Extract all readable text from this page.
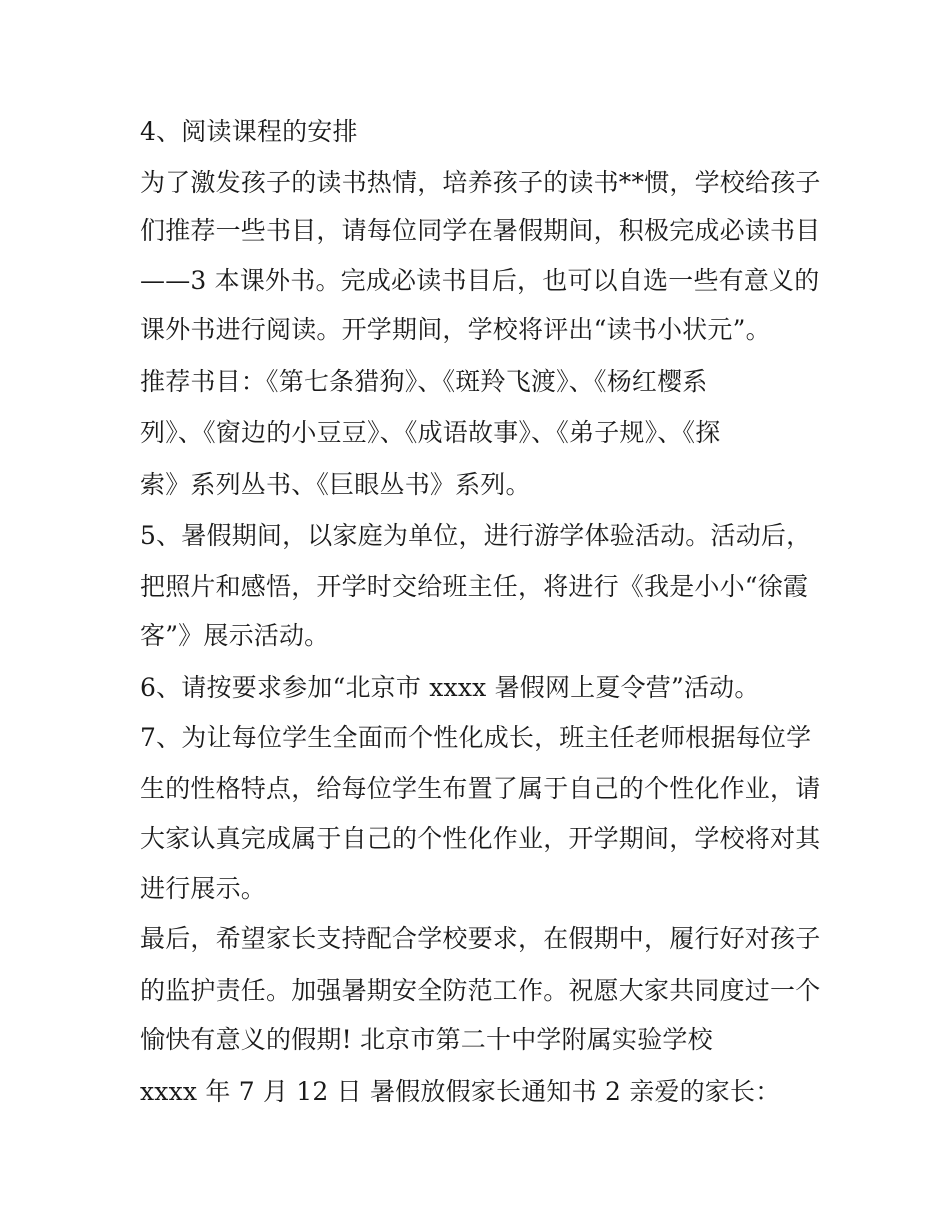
4、阅读课程的安排
为了激发孩子的读书热情，培养孩子的读书**惯，学校给孩子
们推荐一些书目，请每位同学在暑假期间，积极完成必读书目
——3 本课外书。完成必读书目后，也可以自选一些有意义的
课外书进行阅读。开学期间，学校将评出“读书小状元”。
推荐书目：《第七条猎狗》、《斑羚飞渡》、《杨红樱系
列》、《窗边的小豆豆》、《成语故事》、《弟子规》、《探
索》系列丛书、《巨眼丛书》系列。
5、暑假期间，以家庭为单位，进行游学体验活动。活动后，
把照片和感悟，开学时交给班主任，将进行《我是小小“徐霞
客”》展示活动。
6、请按要求参加“北京市 xxxx 暑假网上夏令营”活动。
7、为让每位学生全面而个性化成长，班主任老师根据每位学
生的性格特点，给每位学生布置了属于自己的个性化作业，请
大家认真完成属于自己的个性化作业，开学期间，学校将对其
进行展示。
最后，希望家长支持配合学校要求，在假期中，履行好对孩子
的监护责任。加强暑期安全防范工作。祝愿大家共同度过一个
愉快有意义的假期! 北京市第二十中学附属实验学校
xxxx 年 7 月 12 日 暑假放假家长通知书 2 亲爱的家长：
